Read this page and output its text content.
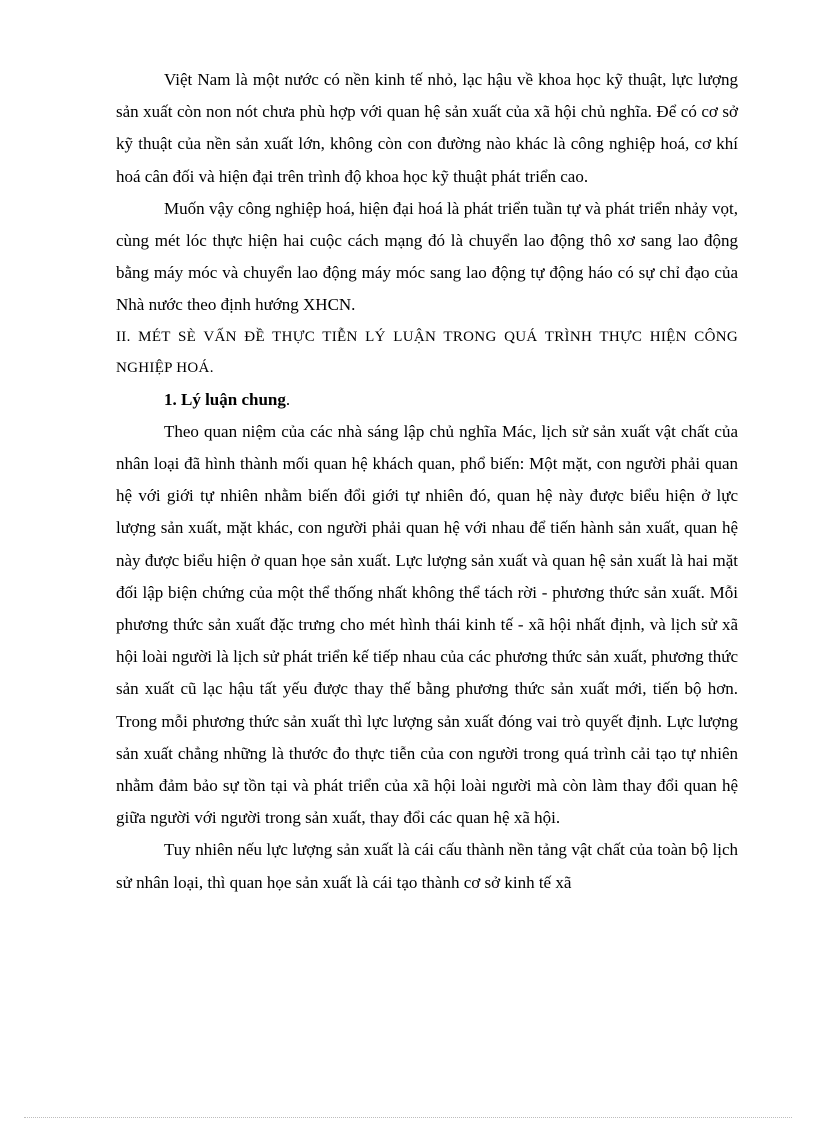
Việt Nam là một nước có nền kinh tế nhỏ, lạc hậu về khoa học kỹ thuật, lực lượng sản xuất còn non nót chưa phù hợp với quan hệ sản xuất của xã hội chủ nghĩa. Để có cơ sở kỹ thuật của nền sản xuất lớn, không còn con đường nào khác là công nghiệp hoá, cơ khí hoá cân đối và hiện đại trên trình độ khoa học kỹ thuật phát triển cao.

Muốn vậy công nghiệp hoá, hiện đại hoá là phát triển tuần tự và phát triển nhảy vọt, cùng mét lóc thực hiện hai cuộc cách mạng đó là chuyển lao động thô xơ sang lao động bằng máy móc và chuyển lao động máy móc sang lao động tự động háo có sự chỉ đạo của Nhà nước theo định hướng XHCN.

II. MÉT SÈ VẤN ĐỀ THỰC TIỄN LÝ LUẬN TRONG QUÁ TRÌNH THỰC HIỆN CÔNG NGHIỆP HOÁ.

1. Lý luận chung.

Theo quan niệm của các nhà sáng lập chủ nghĩa Mác, lịch sử sản xuất vật chất của nhân loại đã hình thành mối quan hệ khách quan, phổ biến: Một mặt, con người phải quan hệ với giới tự nhiên nhằm biến đổi giới tự nhiên đó, quan hệ này được biểu hiện ở lực lượng sản xuất, mặt khác, con người phải quan hệ với nhau để tiến hành sản xuất, quan hệ này được biểu hiện ở quan họe sản xuất. Lực lượng sản xuất và quan hệ sản xuất là hai mặt đối lập biện chứng của một thể thống nhất không thể tách rời - phương thức sản xuất. Mỗi phương thức sản xuất đặc trưng cho mét hình thái kinh tế - xã hội nhất định, và lịch sử xã hội loài người là lịch sử phát triển kế tiếp nhau của các phương thức sản xuất, phương thức sản xuất cũ lạc hậu tất yếu được thay thế bằng phương thức sản xuất mới, tiến bộ hơn. Trong mỗi phương thức sản xuất thì lực lượng sản xuất đóng vai trò quyết định. Lực lượng sản xuất chẳng những là thước đo thực tiễn của con người trong quá trình cải tạo tự nhiên nhằm đảm bảo sự tồn tại và phát triển của xã hội loài người mà còn làm thay đổi quan hệ giữa người với người trong sản xuất, thay đổi các quan hệ xã hội.

Tuy nhiên nếu lực lượng sản xuất là cái cấu thành nền tảng vật chất của toàn bộ lịch sử nhân loại, thì quan họe sản xuất là cái tạo thành cơ sở kinh tế xã
